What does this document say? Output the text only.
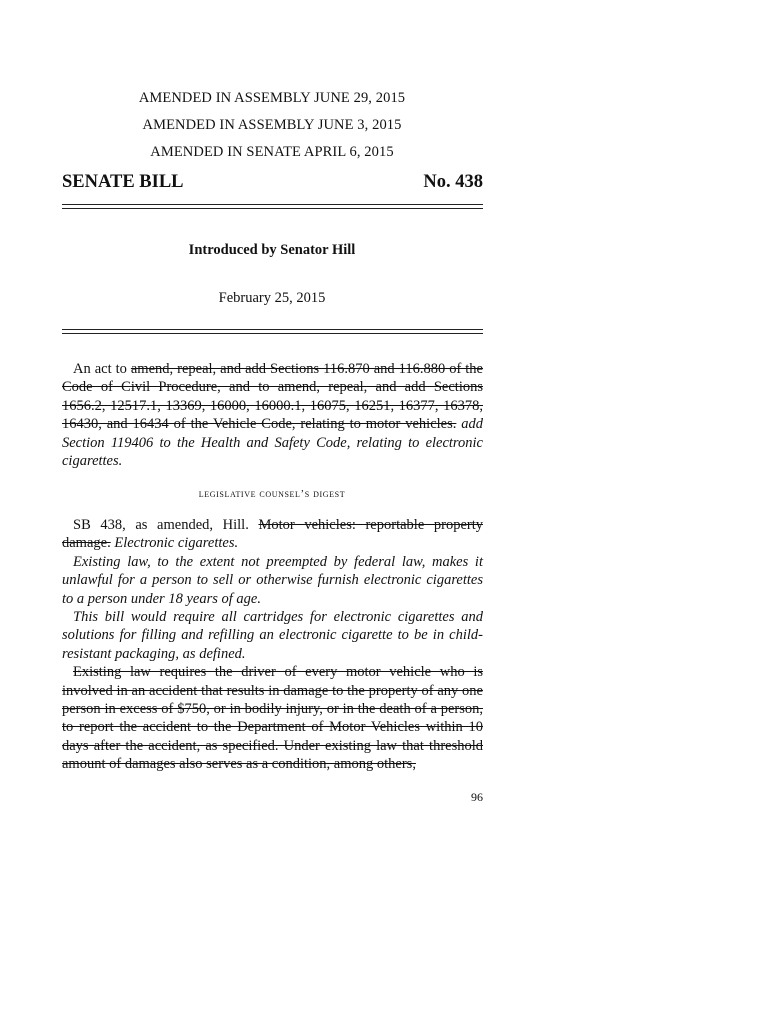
AMENDED IN ASSEMBLY JUNE 29, 2015
AMENDED IN ASSEMBLY JUNE 3, 2015
AMENDED IN SENATE APRIL 6, 2015
SENATE BILL	No. 438
Introduced by Senator Hill
February 25, 2015

An act to amend, repeal, and add Sections 116.870 and 116.880 of the Code of Civil Procedure, and to amend, repeal, and add Sections 1656.2, 12517.1, 13369, 16000, 16000.1, 16075, 16251, 16377, 16378, 16430, and 16434 of the Vehicle Code, relating to motor vehicles. add Section 119406 to the Health and Safety Code, relating to electronic cigarettes.

legislative counsel’s digest

SB 438, as amended, Hill. Motor vehicles: reportable property damage. Electronic cigarettes.

Existing law, to the extent not preempted by federal law, makes it unlawful for a person to sell or otherwise furnish electronic cigarettes to a person under 18 years of age.

This bill would require all cartridges for electronic cigarettes and solutions for filling and refilling an electronic cigarette to be in child-resistant packaging, as defined.

Existing law requires the driver of every motor vehicle who is involved in an accident that results in damage to the property of any one person in excess of $750, or in bodily injury, or in the death of a person, to report the accident to the Department of Motor Vehicles within 10 days after the accident, as specified. Under existing law that threshold amount of damages also serves as a condition, among others,

96
